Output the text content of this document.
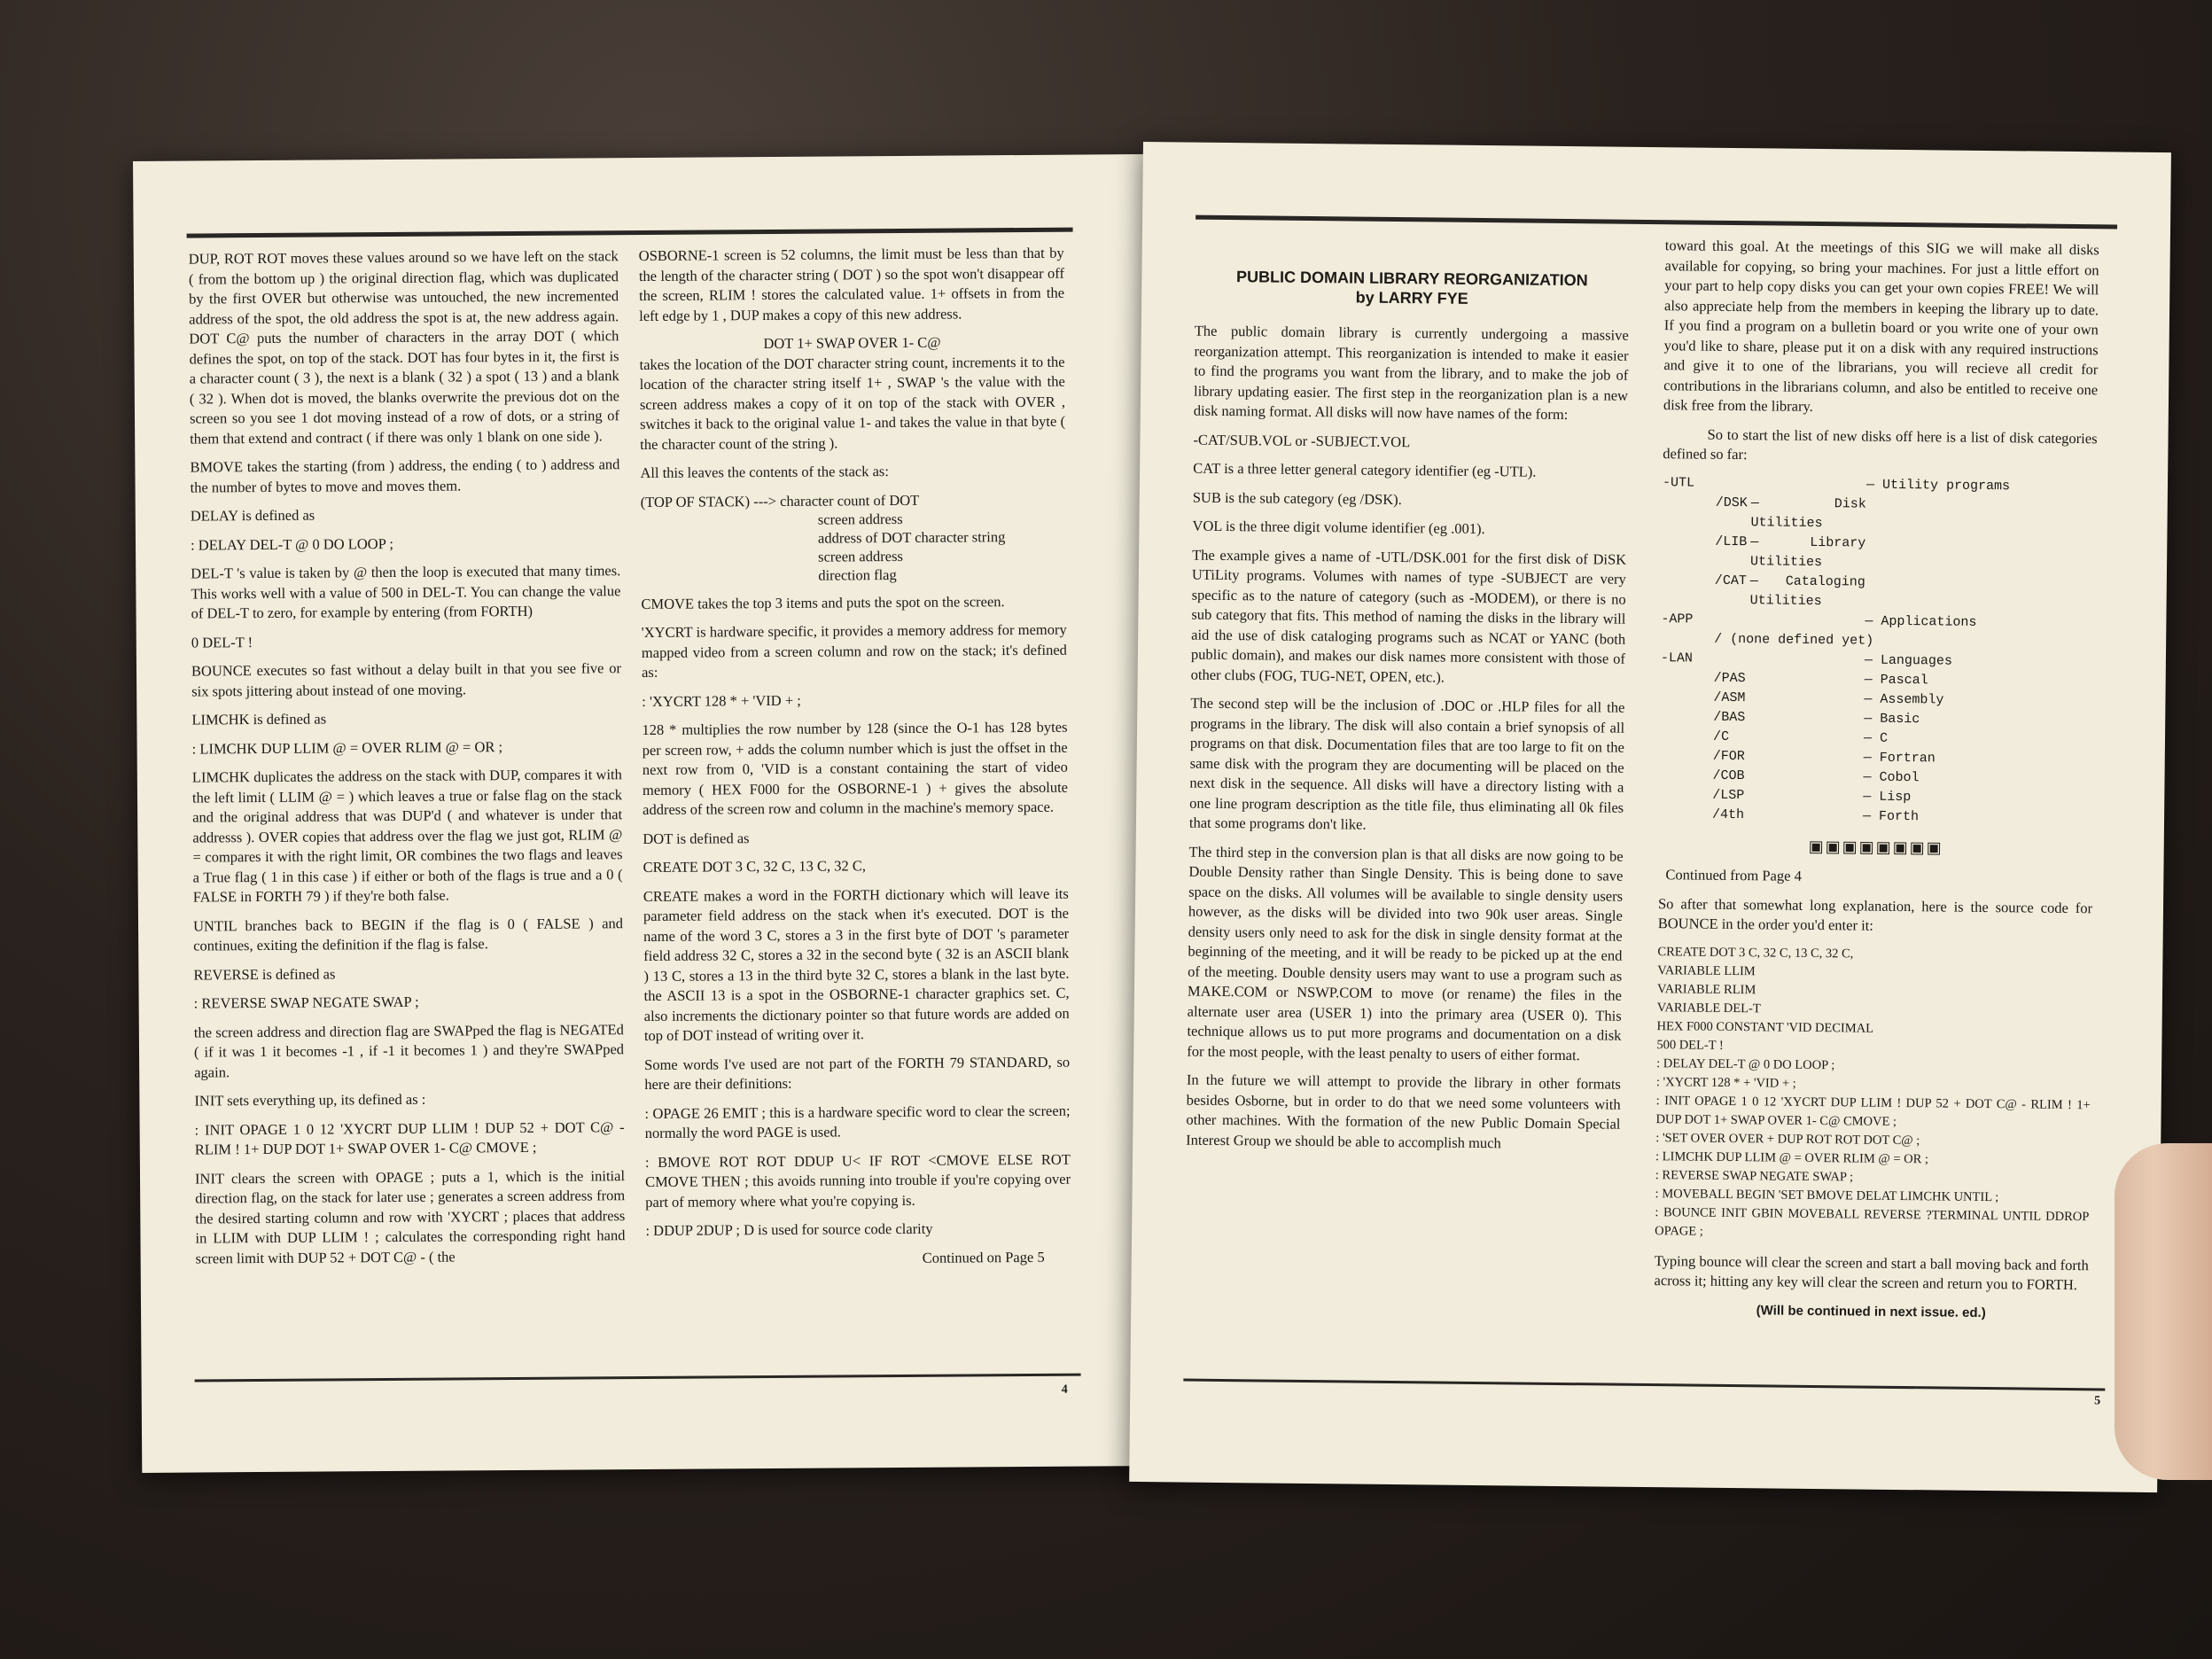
DUP, ROT ROT moves these values around so we have left on the stack ( from the bottom up ) the original direction flag, which was duplicated by the first OVER but otherwise was untouched, the new incremented address of the spot, the old address the spot is at, the new address again. DOT C@ puts the number of characters in the array DOT ( which defines the spot, on top of the stack. DOT has four bytes in it, the first is a character count ( 3 ), the next is a blank ( 32 ) a spot ( 13 ) and a blank ( 32 ). When dot is moved, the blanks overwrite the previous dot on the screen so you see 1 dot moving instead of a row of dots, or a string of them that extend and contract ( if there was only 1 blank on one side ).

BMOVE takes the starting (from ) address, the ending ( to ) address and the number of bytes to move and moves them.

DELAY is defined as

: DELAY DEL-T @ 0 DO LOOP ;

DEL-T 's value is taken by @ then the loop is executed that many times. This works well with a value of 500 in DEL-T. You can change the value of DEL-T to zero, for example by entering (from FORTH)

0 DEL-T !

BOUNCE executes so fast without a delay built in that you see five or six spots jittering about instead of one moving.

LIMCHK is defined as

: LIMCHK DUP LLIM @ = OVER RLIM @ = OR ;

LIMCHK duplicates the address on the stack with DUP, compares it with the left limit ( LLIM @ = ) which leaves a true or false flag on the stack and the original address that was DUP'd ( and whatever is under that addresss ). OVER copies that address over the flag we just got, RLIM @ = compares it with the right limit, OR combines the two flags and leaves a True flag ( 1 in this case ) if either or both of the flags is true and a 0 ( FALSE in FORTH 79 ) if they're both false.

UNTIL branches back to BEGIN if the flag is 0 ( FALSE ) and continues, exiting the definition if the flag is false.

REVERSE is defined as

: REVERSE SWAP NEGATE SWAP ;

the screen address and direction flag are SWAPped the flag is NEGATEd ( if it was 1 it becomes -1 , if -1 it becomes 1 ) and they're SWAPped again.

INIT sets everything up, its defined as :

: INIT OPAGE 1 0 12 'XYCRT DUP LLIM ! DUP 52 + DOT C@ - RLIM ! 1+ DUP DOT 1+ SWAP OVER 1- C@ CMOVE ;

INIT clears the screen with OPAGE ; puts a 1, which is the initial direction flag, on the stack for later use ; generates a screen address from the desired starting column and row with 'XYCRT ; places that address in LLIM with DUP LLIM ! ; calculates the corresponding right hand screen limit with DUP 52 + DOT C@ - ( the

OSBORNE-1 screen is 52 columns, the limit must be less than that by the length of the character string ( DOT ) so the spot won't disappear off the screen, RLIM ! stores the calculated value. 1+ offsets in from the left edge by 1 , DUP makes a copy of this new address.

DOT 1+ SWAP OVER 1- C@

takes the location of the DOT character string count, increments it to the location of the character string itself 1+ , SWAP 's the value with the screen address makes a copy of it on top of the stack with OVER , switches it back to the original value 1- and takes the value in that byte ( the character count of the string ).

All this leaves the contents of the stack as:

(TOP OF STACK) ---> character count of DOT
screen address
address of DOT character string
screen address
direction flag

CMOVE takes the top 3 items and puts the spot on the screen.

'XYCRT is hardware specific, it provides a memory address for memory mapped video from a screen column and row on the stack; it's defined as:

: 'XYCRT 128 * + 'VID + ;

128 * multiplies the row number by 128 (since the O-1 has 128 bytes per screen row, + adds the column number which is just the offset in the next row from 0, 'VID is a constant containing the start of video memory ( HEX F000 for the OSBORNE-1 ) + gives the absolute address of the screen row and column in the machine's memory space.

DOT is defined as

CREATE DOT 3 C, 32 C, 13 C, 32 C,

CREATE makes a word in the FORTH dictionary which will leave its parameter field address on the stack when it's executed. DOT is the name of the word 3 C, stores a 3 in the first byte of DOT 's parameter field address 32 C, stores a 32 in the second byte ( 32 is an ASCII blank ) 13 C, stores a 13 in the third byte 32 C, stores a blank in the last byte. the ASCII 13 is a spot in the OSBORNE-1 character graphics set. C, also increments the dictionary pointer so that future words are added on top of DOT instead of writing over it.

Some words I've used are not part of the FORTH 79 STANDARD, so here are their definitions:

: OPAGE 26 EMIT ; this is a hardware specific word to clear the screen; normally the word PAGE is used.

: BMOVE ROT ROT DDUP U< IF ROT <CMOVE ELSE ROT CMOVE THEN ; this avoids running into trouble if you're copying over part of memory where what you're copying is.

: DDUP 2DUP ; D is used for source code clarity

Continued on Page 5
4
PUBLIC DOMAIN LIBRARY REORGANIZATION
by LARRY FYE

The public domain library is currently undergoing a massive reorganization attempt. This reorganization is intended to make it easier to find the programs you want from the library, and to make the job of library updating easier. The first step in the reorganization plan is a new disk naming format. All disks will now have names of the form:

-CAT/SUB.VOL or -SUBJECT.VOL

CAT is a three letter general category identifier (eg -UTL).

SUB is the sub category (eg /DSK).

VOL is the three digit volume identifier (eg .001).

The example gives a name of -UTL/DSK.001 for the first disk of DiSK UTiLity programs. Volumes with names of type -SUBJECT are very specific as to the nature of category (such as -MODEM), or there is no sub category that fits. This method of naming the disks in the library will aid the use of disk cataloging programs such as NCAT or YANC (both public domain), and makes our disk names more consistent with those of other clubs (FOG, TUG-NET, OPEN, etc.).

The second step will be the inclusion of .DOC or .HLP files for all the programs in the library. The disk will also contain a brief synopsis of all programs on that disk. Documentation files that are too large to fit on the same disk with the program they are documenting will be placed on the next disk in the sequence. All disks will have a directory listing with a one line program description as the title file, thus eliminating all 0k files that some programs don't like.

The third step in the conversion plan is that all disks are now going to be Double Density rather than Single Density. This is being done to save space on the disks. All volumes will be available to single density users however, as the disks will be divided into two 90k user areas. Single density users only need to ask for the disk in single density format at the beginning of the meeting, and it will be ready to be picked up at the end of the meeting. Double density users may want to use a program such as MAKE.COM or NSWP.COM to move (or rename) the files in the alternate user area (USER 1) into the primary area (USER 0). This technique allows us to put more programs and documentation on a disk for the most people, with the least penalty to users of either format.

In the future we will attempt to provide the library in other formats besides Osborne, but in order to do that we need some volunteers with other machines. With the formation of the new Public Domain Special Interest Group we should be able to accomplish much

toward this goal. At the meetings of this SIG we will make all disks available for copying, so bring your machines. For just a little effort on your part to help copy disks you can get your own copies FREE! We will also appreciate help from the members in keeping the library up to date. If you find a program on a bulletin board or you write one of your own you'd like to share, please put it on a disk with any required instructions and give it to one of the librarians, you will recieve all credit for contributions in the librarians column, and also be entitled to receive one disk free from the library.

So to start the list of new disks off here is a list of disk categories defined so far:

-UTL	— Utility programs
/DSK — Disk Utilities
/LIB — Library Utilities
/CAT — Cataloging Utilities
-APP	— Applications
/ (none defined yet)
-LAN	— Languages
/PAS	— Pascal
/ASM	— Assembly
/BAS	— Basic
/C	— C
/FOR	— Fortran
/COB	— Cobol
/LSP	— Lisp
/4th	— Forth
▣▣▣▣▣▣▣▣

Continued from Page 4

So after that somewhat long explanation, here is the source code for BOUNCE in the order you'd enter it:

CREATE DOT 3 C, 32 C, 13 C, 32 C,
VARIABLE LLIM
VARIABLE RLIM
VARIABLE DEL-T
HEX F000 CONSTANT 'VID DECIMAL
500 DEL-T !
: DELAY DEL-T @ 0 DO LOOP ;
: 'XYCRT 128 * + 'VID + ;
: INIT OPAGE 1 0 12 'XYCRT DUP LLIM ! DUP 52 + DOT C@ - RLIM ! 1+ DUP DOT 1+ SWAP OVER 1- C@ CMOVE ;
: 'SET OVER OVER + DUP ROT ROT DOT C@ ;
: LIMCHK DUP LLIM @ = OVER RLIM @ = OR ;
: REVERSE SWAP NEGATE SWAP ;
: MOVEBALL BEGIN 'SET BMOVE DELAT LIMCHK UNTIL ;
: BOUNCE INIT GBIN MOVEBALL REVERSE ?TERMINAL UNTIL DDROP OPAGE ;

Typing bounce will clear the screen and start a ball moving back and forth across it; hitting any key will clear the screen and return you to FORTH.

(Will be continued in next issue. ed.)
5
